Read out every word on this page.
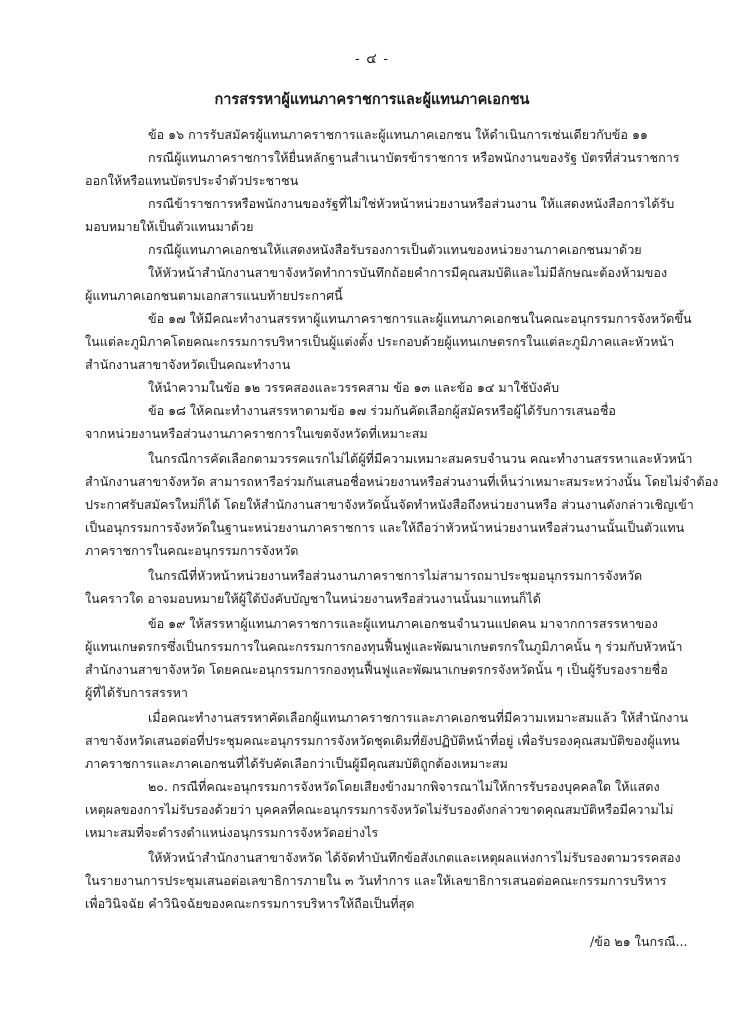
- ๔ -
การสรรหาผู้แทนภาคราชการและผู้แทนภาคเอกชน
ข้อ ๑๖ การรับสมัครผู้แทนภาคราชการและผู้แทนภาคเอกชน ให้ดำเนินการเช่นเดียวกับข้อ ๑๑
กรณีผู้แทนภาคราชการให้ยื่นหลักฐานสำเนาบัตรข้าราชการ หรือพนักงานของรัฐ บัตรที่ส่วนราชการ
ออกให้หรือแทนบัตรประจำตัวประชาชน
กรณีข้าราชการหรือพนักงานของรัฐที่ไม่ใช่หัวหน้าหน่วยงานหรือส่วนงาน ให้แสดงหนังสือการได้รับ
มอบหมายให้เป็นตัวแทนมาด้วย
กรณีผู้แทนภาคเอกชนให้แสดงหนังสือรับรองการเป็นตัวแทนของหน่วยงานภาคเอกชนมาด้วย
ให้หัวหน้าสำนักงานสาขาจังหวัดทำการบันทึกถ้อยคำการมีคุณสมบัติและไม่มีลักษณะต้องห้ามของ
ผู้แทนภาคเอกชนตามเอกสารแนบท้ายประกาศนี้
ข้อ ๑๗ ให้มีคณะทำงานสรรหาผู้แทนภาคราชการและผู้แทนภาคเอกชนในคณะอนุกรรมการจังหวัดขึ้น
ในแต่ละภูมิภาคโดยคณะกรรมการบริหารเป็นผู้แต่งตั้ง ประกอบด้วยผู้แทนเกษตรกรในแต่ละภูมิภาคและหัวหน้า
สำนักงานสาขาจังหวัดเป็นคณะทำงาน
ให้นำความในข้อ ๑๒ วรรคสองและวรรคสาม ข้อ ๑๓ และข้อ ๑๔ มาใช้บังคับ
ข้อ ๑๘ ให้คณะทำงานสรรหาตามข้อ ๑๗ ร่วมกันคัดเลือกผู้สมัครหรือผู้ได้รับการเสนอชื่อ
จากหน่วยงานหรือส่วนงานภาคราชการในเขตจังหวัดที่เหมาะสม
ในกรณีการคัดเลือกตามวรรคแรกไม่ได้ผู้ที่มีความเหมาะสมครบจำนวน คณะทำงานสรรหาและหัวหน้า
สำนักงานสาขาจังหวัด สามารถหารือร่วมกันเสนอชื่อหน่วยงานหรือส่วนงานที่เห็นว่าเหมาะสมระหว่างนั้น โดยไม่จำต้อง
ประกาศรับสมัครใหม่ก็ได้ โดยให้สำนักงานสาขาจังหวัดนั้นจัดทำหนังสือถึงหน่วยงานหรือ ส่วนงานดังกล่าวเชิญเข้า
เป็นอนุกรรมการจังหวัดในฐานะหน่วยงานภาคราชการ และให้ถือว่าหัวหน้าหน่วยงานหรือส่วนงานนั้นเป็นตัวแทน
ภาคราชการในคณะอนุกรรมการจังหวัด
ในกรณีที่หัวหน้าหน่วยงานหรือส่วนงานภาคราชการไม่สามารถมาประชุมอนุกรรมการจังหวัด
ในคราวใด อาจมอบหมายให้ผู้ใต้บังคับบัญชาในหน่วยงานหรือส่วนงานนั้นมาแทนก็ได้
ข้อ ๑๙ ให้สรรหาผู้แทนภาคราชการและผู้แทนภาคเอกชนจำนวนแปดคน มาจากการสรรหาของ
ผู้แทนเกษตรกรซึ่งเป็นกรรมการในคณะกรรมการกองทุนฟื้นฟูและพัฒนาเกษตรกรในภูมิภาคนั้น ๆ ร่วมกับหัวหน้า
สำนักงานสาขาจังหวัด โดยคณะอนุกรรมการกองทุนฟื้นฟูและพัฒนาเกษตรกรจังหวัดนั้น ๆ เป็นผู้รับรองรายชื่อ
ผู้ที่ได้รับการสรรหา
เมื่อคณะทำงานสรรหาคัดเลือกผู้แทนภาคราชการและภาคเอกชนที่มีความเหมาะสมแล้ว ให้สำนักงาน
สาขาจังหวัดเสนอต่อที่ประชุมคณะอนุกรรมการจังหวัดชุดเดิมที่ยังปฏิบัติหน้าที่อยู่ เพื่อรับรองคุณสมบัติของผู้แทน
ภาคราชการและภาคเอกชนที่ได้รับคัดเลือกว่าเป็นผู้มีคุณสมบัติถูกต้องเหมาะสม
๒๐. กรณีที่คณะอนุกรรมการจังหวัดโดยเสียงข้างมากพิจารณาไม่ให้การรับรองบุคคลใด ให้แสดง
เหตุผลของการไม่รับรองด้วยว่า บุคคลที่คณะอนุกรรมการจังหวัดไม่รับรองดังกล่าวขาดคุณสมบัติหรือมีความไม่
เหมาะสมที่จะดำรงตำแหน่งอนุกรรมการจังหวัดอย่างไร
ให้หัวหน้าสำนักงานสาขาจังหวัด ได้จัดทำบันทึกข้อสังเกตและเหตุผลแห่งการไม่รับรองตามวรรคสอง
ในรายงานการประชุมเสนอต่อเลขาธิการภายใน ๓ วันทำการ และให้เลขาธิการเสนอต่อคณะกรรมการบริหาร
เพื่อวินิจฉัย คำวินิจฉัยของคณะกรรมการบริหารให้ถือเป็นที่สุด
/ข้อ ๒๑ ในกรณี...
